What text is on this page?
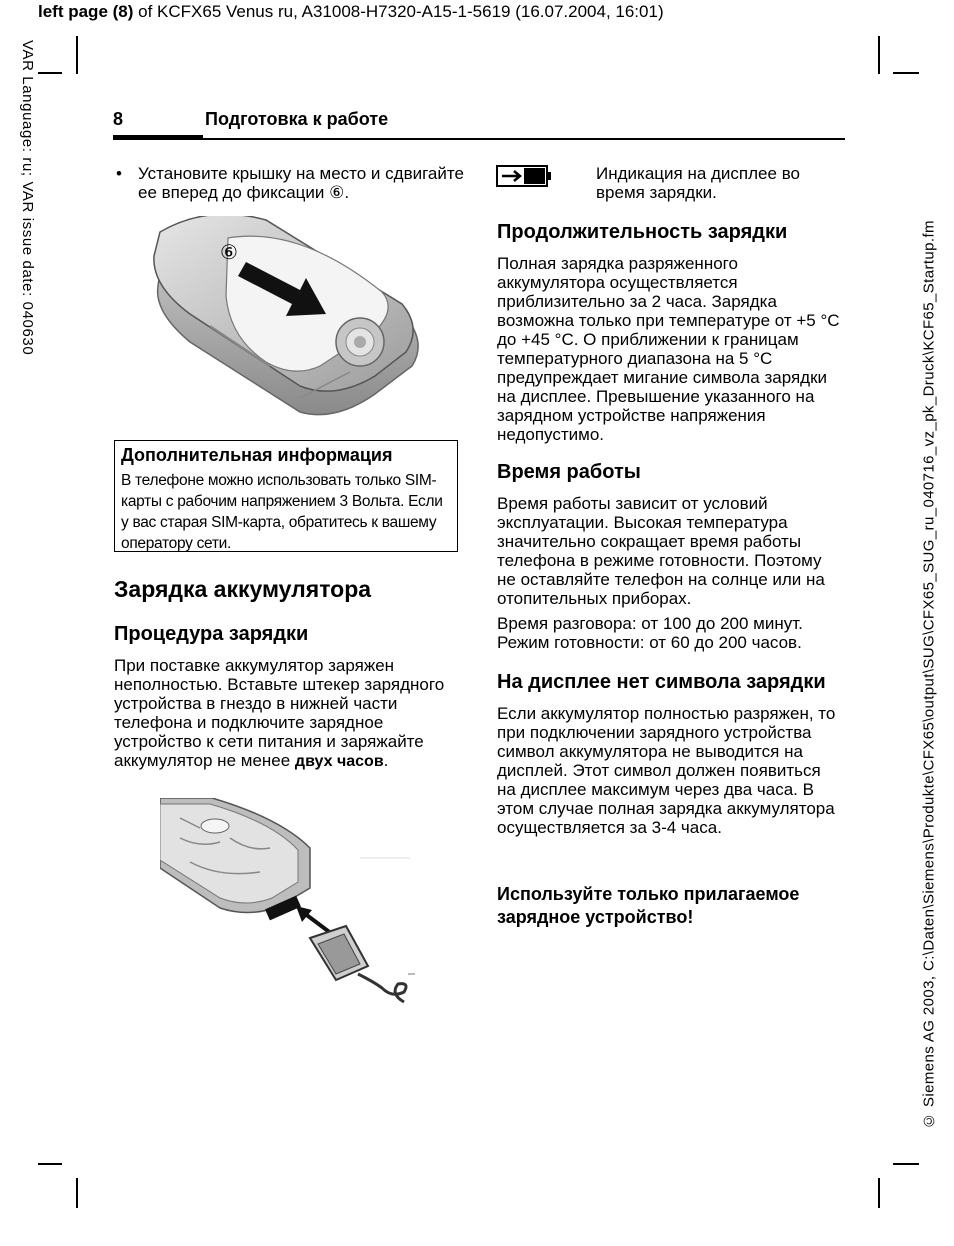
left page (8) of KCFX65 Venus ru, A31008-H7320-A15-1-5619 (16.07.2004, 16:01)
VAR Language: ru; VAR issue date: 040630
© Siemens AG 2003, C:\Daten\Siemens\Produkte\CFX65\output\SUG\CFX65_SUG_ru_040716_vz_pk_Druck\KCF65_Startup.fm
8	Подготовка к работе
• Установите крышку на место и сдвигайте ее вперед до фиксации ⑥.
⑥
Дополнительная информация
В телефоне можно использовать только SIM-карты с рабочим напряжением 3 Вольта. Если у вас старая SIM-карта, обратитесь к вашему оператору сети.
Зарядка аккумулятора
Процедура зарядки
При поставке аккумулятор заряжен неполностью. Вставьте штекер зарядного устройства в гнездо в нижней части телефона и подключите зарядное устройство к сети питания и заряжайте аккумулятор не менее двух часов.
Индикация на дисплее во время зарядки.
Продолжительность зарядки
Полная зарядка разряженного аккумулятора осуществляется приблизительно за 2 часа. Зарядка возможна только при температуре от +5 °C до +45 °C. О приближении к границам температурного диапазона на 5 °C предупреждает мигание символа зарядки на дисплее. Превышение указанного на зарядном устройстве напряжения недопустимо.
Время работы
Время работы зависит от условий эксплуатации. Высокая температура значительно сокращает время работы телефона в режиме готовности. Поэтому не оставляйте телефон на солнце или на отопительных приборах.
Время разговора: от 100 до 200 минут. Режим готовности: от 60 до 200 часов.
На дисплее нет символа зарядки
Если аккумулятор полностью разряжен, то при подключении зарядного устройства символ аккумулятора не выводится на дисплей. Этот символ должен появиться на дисплее максимум через два часа. В этом случае полная зарядка аккумулятора осуществляется за 3-4 часа.
Используйте только прилагаемое зарядное устройство!
